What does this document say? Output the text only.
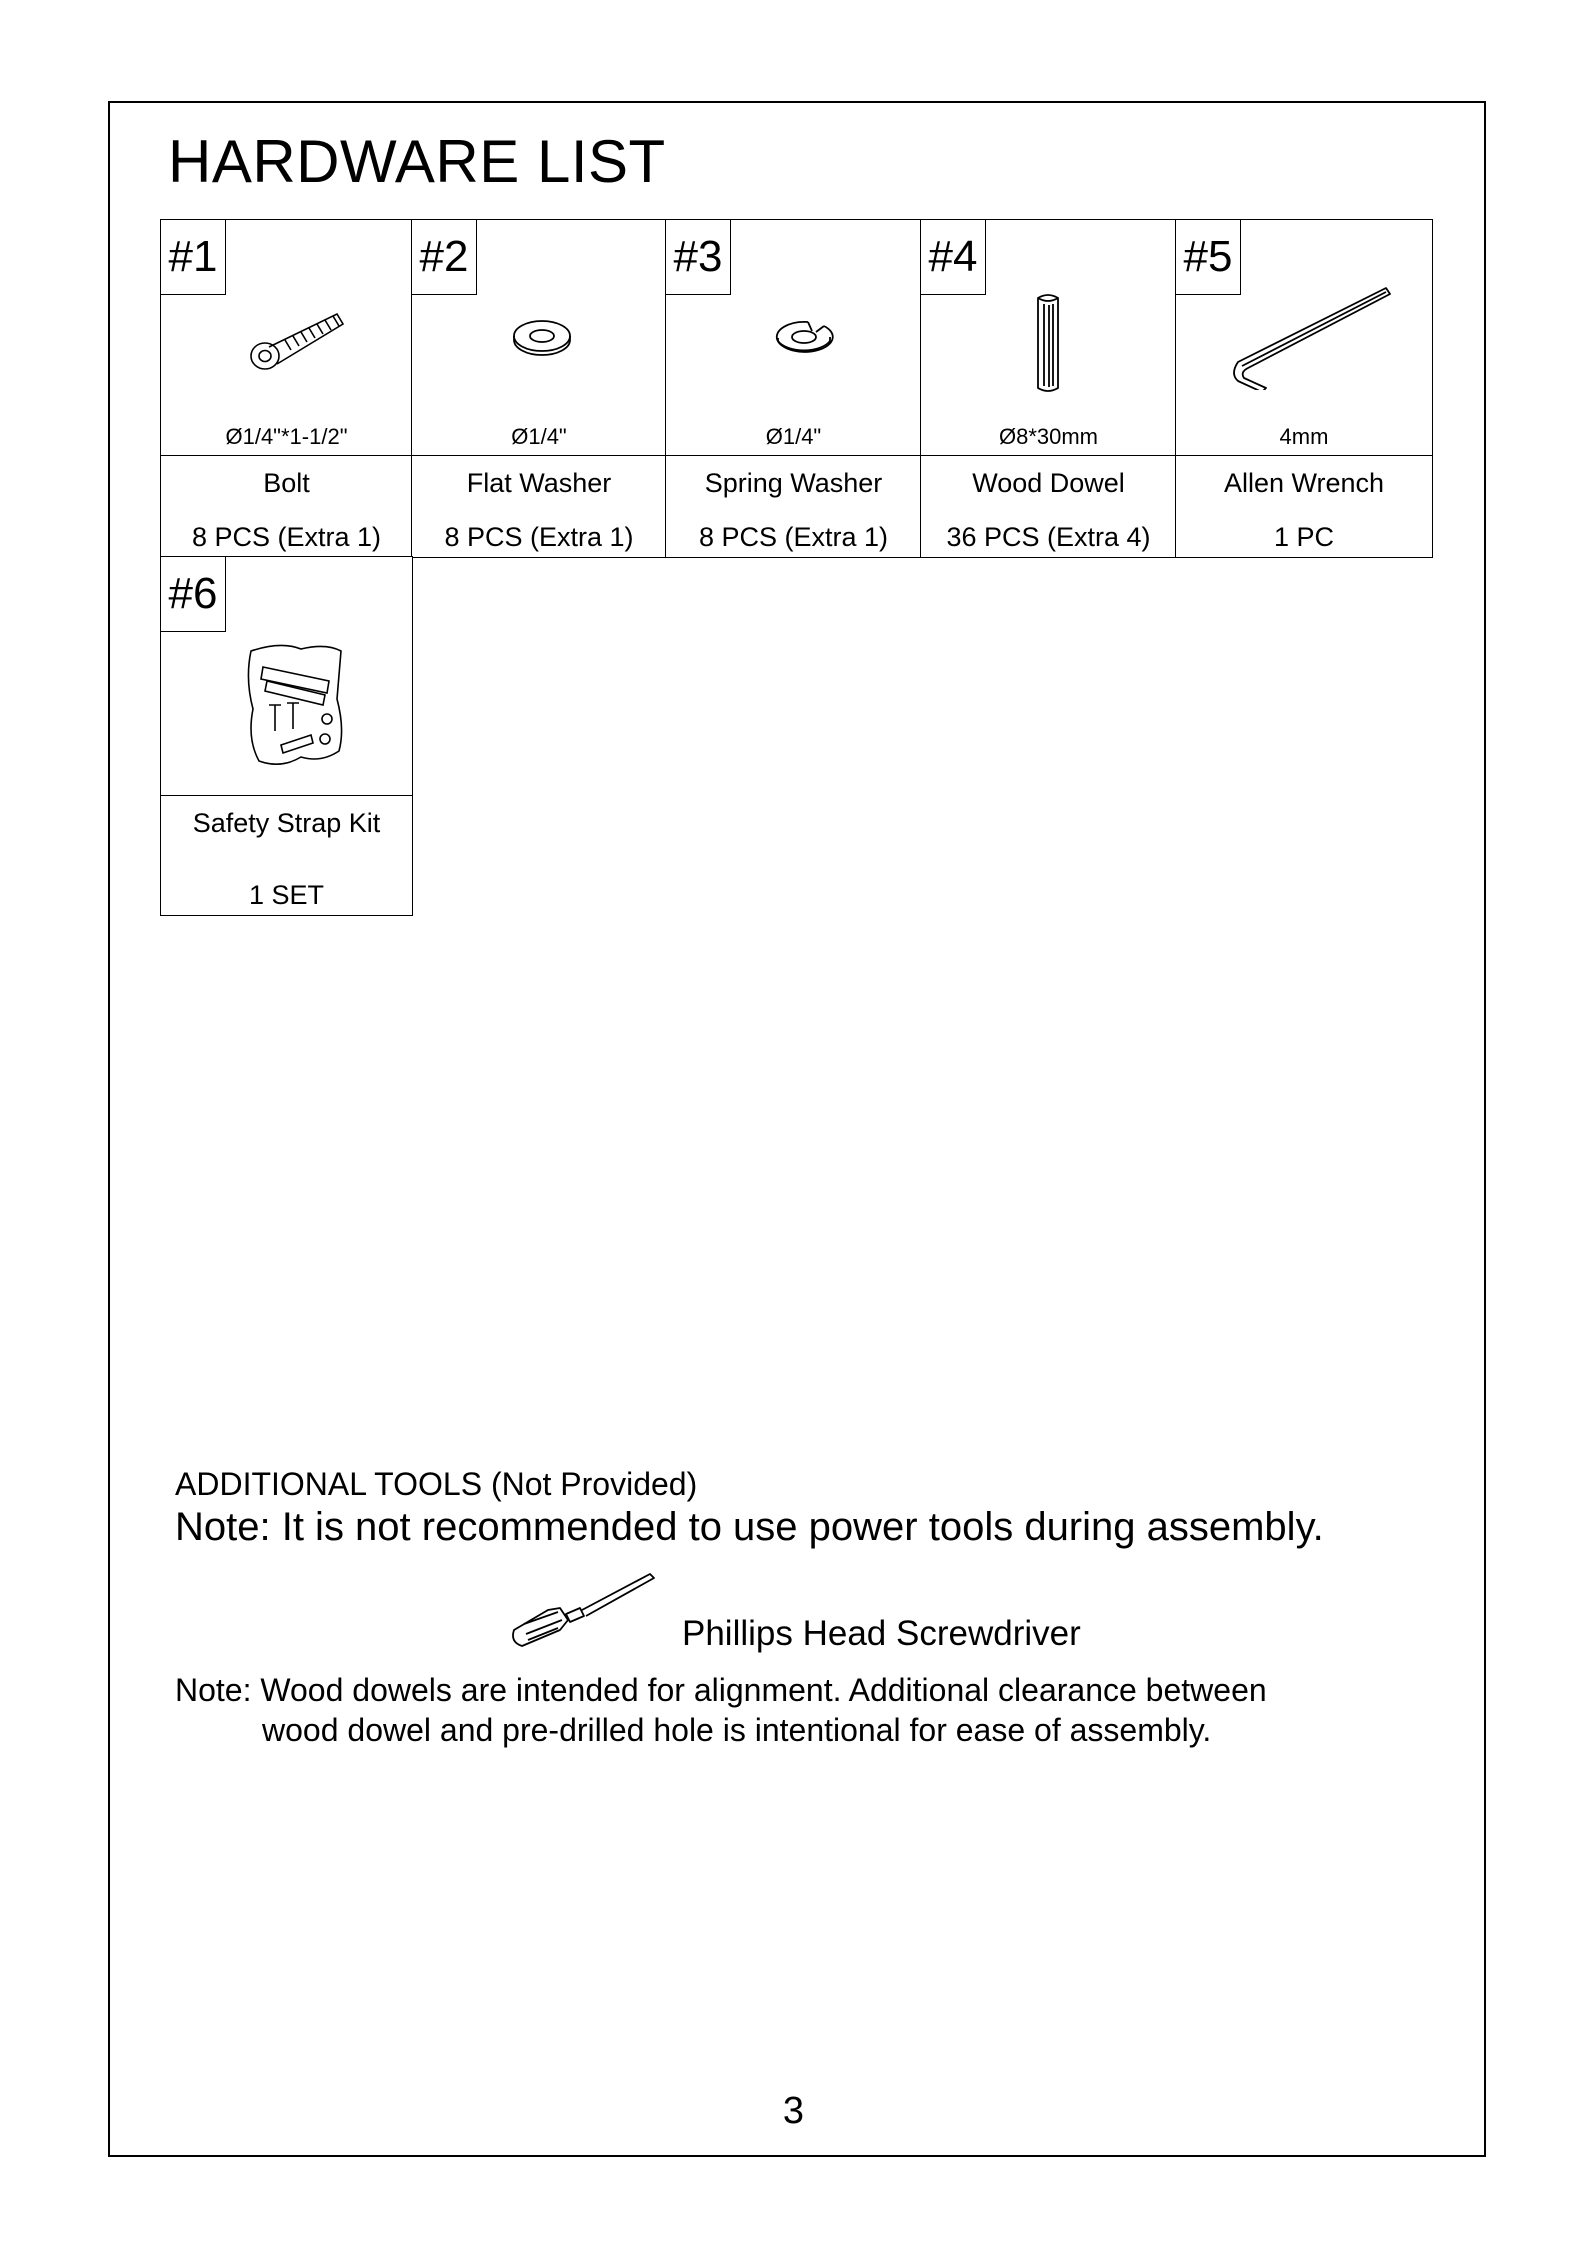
HARDWARE LIST
#1
Ø1/4"*1-1/2"
Bolt
8 PCS (Extra 1)
#2
Ø1/4"
Flat Washer
8 PCS (Extra 1)
#3
Ø1/4"
Spring Washer
8 PCS (Extra 1)
#4
Ø8*30mm
Wood Dowel
36 PCS (Extra 4)
#5
4mm
Allen Wrench
1 PC
#6
Safety Strap Kit
1 SET
ADDITIONAL TOOLS (Not Provided)
Note: It is not recommended to use power tools during assembly.
Phillips Head Screwdriver
Note: Wood dowels are intended for alignment. Additional clearance between
wood dowel and pre-drilled hole is intentional for ease of assembly.
3
